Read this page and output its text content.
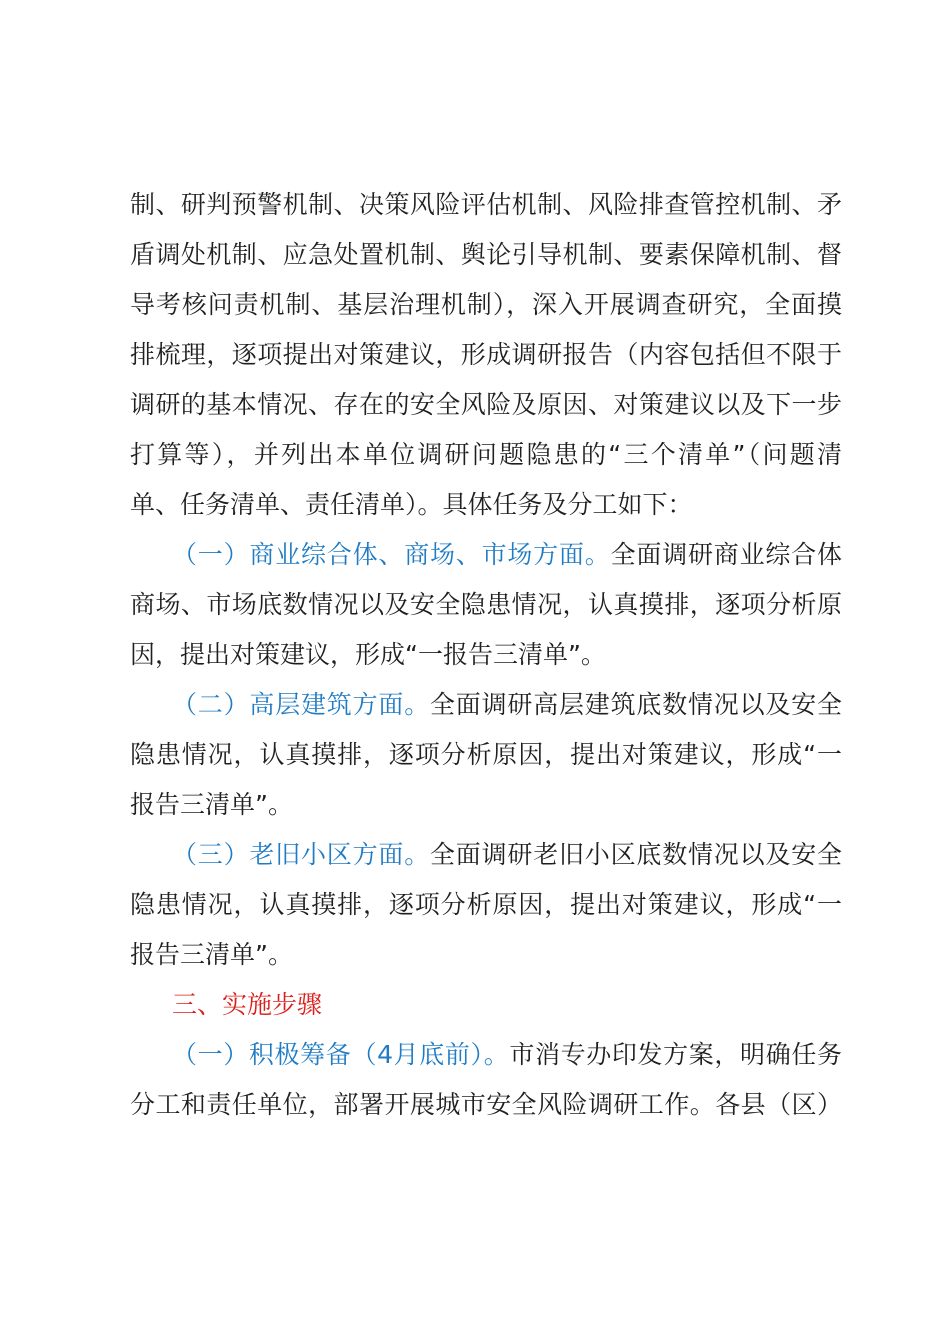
制、研判预警机制、决策风险评估机制、风险排查管控机制、矛
盾调处机制、应急处置机制、舆论引导机制、要素保障机制、督
导考核问责机制、基层治理机制），深入开展调查研究，全面摸
排梳理，逐项提出对策建议，形成调研报告（内容包括但不限于
调研的基本情况、存在的安全风险及原因、对策建议以及下一步
打算等），并列出本单位调研问题隐患的“三个清单”（问题清
单、任务清单、责任清单）。具体任务及分工如下：
（一）商业综合体、商场、市场方面。全面调研商业综合体
商场、市场底数情况以及安全隐患情况，认真摸排，逐项分析原
因，提出对策建议，形成“一报告三清单”。
（二）高层建筑方面。全面调研高层建筑底数情况以及安全
隐患情况，认真摸排，逐项分析原因，提出对策建议，形成“一
报告三清单”。
（三）老旧小区方面。全面调研老旧小区底数情况以及安全
隐患情况，认真摸排，逐项分析原因，提出对策建议，形成“一
报告三清单”。
三、实施步骤
（一）积极筹备（4月底前）。市消专办印发方案，明确任务
分工和责任单位，部署开展城市安全风险调研工作。各县（区）
